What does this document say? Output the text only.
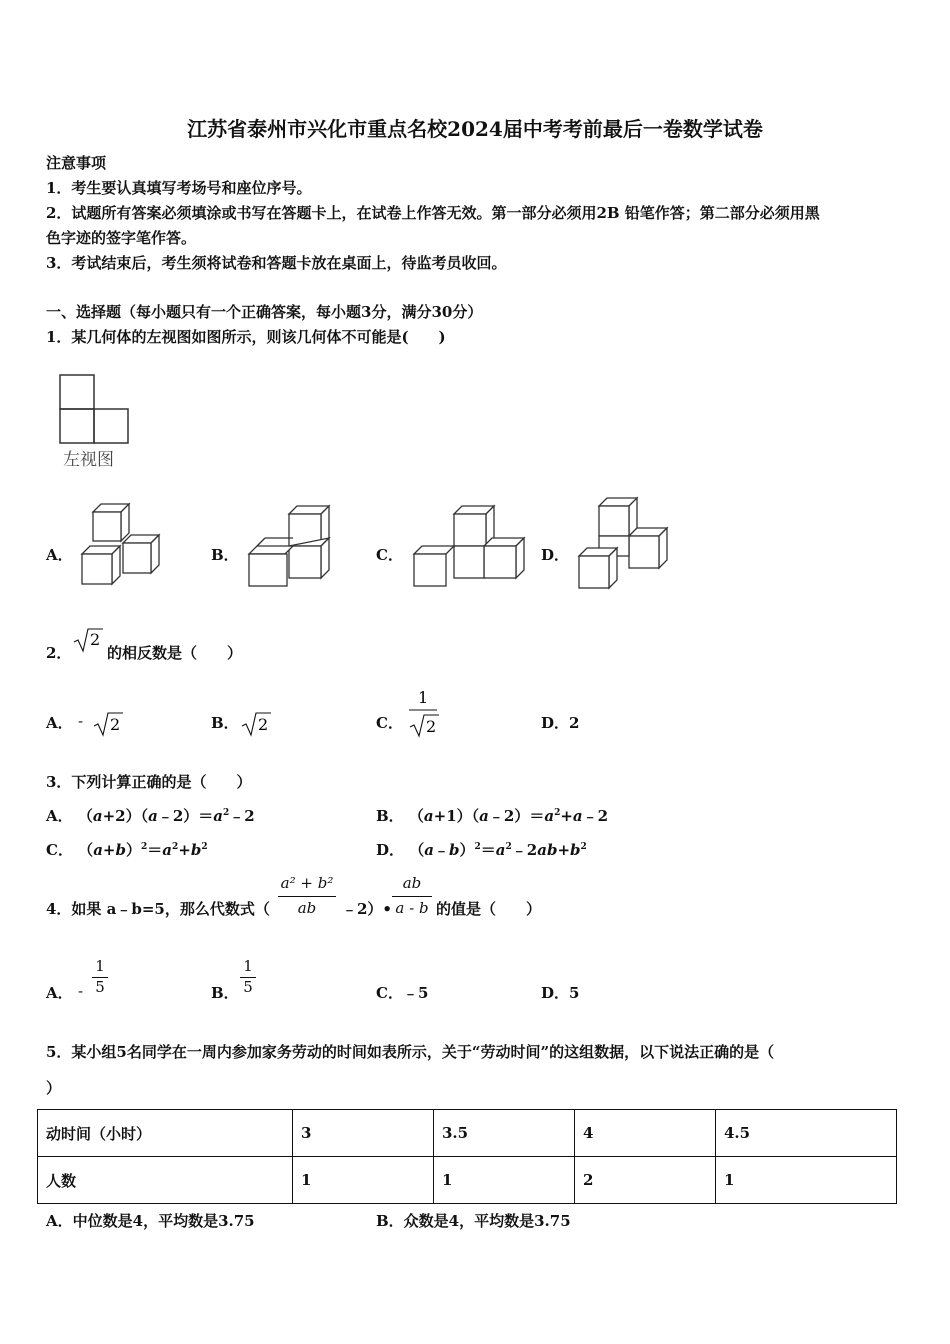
江苏省泰州市兴化市重点名校2024届中考考前最后一卷数学试卷
注意事项
1．考生要认真填写考场号和座位序号。
2．试题所有答案必须填涂或书写在答题卡上，在试卷上作答无效。第一部分必须用2B 铅笔作答；第二部分必须用黑
色字迹的签字笔作答。
3．考试结束后，考生须将试卷和答题卡放在桌面上，待监考员收回。
一、选择题（每小题只有一个正确答案，每小题3分，满分30分）
1．某几何体的左视图如图所示，则该几何体不可能是(　　)
左视图
A．	B．	C．	D．
2．
2
的相反数是（　　）
A． - 2	B． 2	C．
1
2	D．2
3．下列计算正确的是（　　）
A． $(a+2)(a﹣2)=a^2﹣2$	B． $(a+1)(a﹣2)=a^2+a﹣2$
C． $(a+b)^2=a^2+b^2$	D． $(a﹣b)^2=a^2﹣2ab+b^2$
4．如果 a﹣b=5，那么代数式（
a² + b²
ab	﹣2）•
ab
a - b 的值是（　　）
A． -
1
5	B．
1
5	C．﹣5	D．5
5．某小组5名同学在一周内参加家务劳动的时间如表所示，关于“劳动时间”的这组数据，以下说法正确的是（
）
动时间（小时）	3	3.5	4	4.5
人数	1	1	2	1
A．中位数是4，平均数是3.75	B．众数是4，平均数是3.75
